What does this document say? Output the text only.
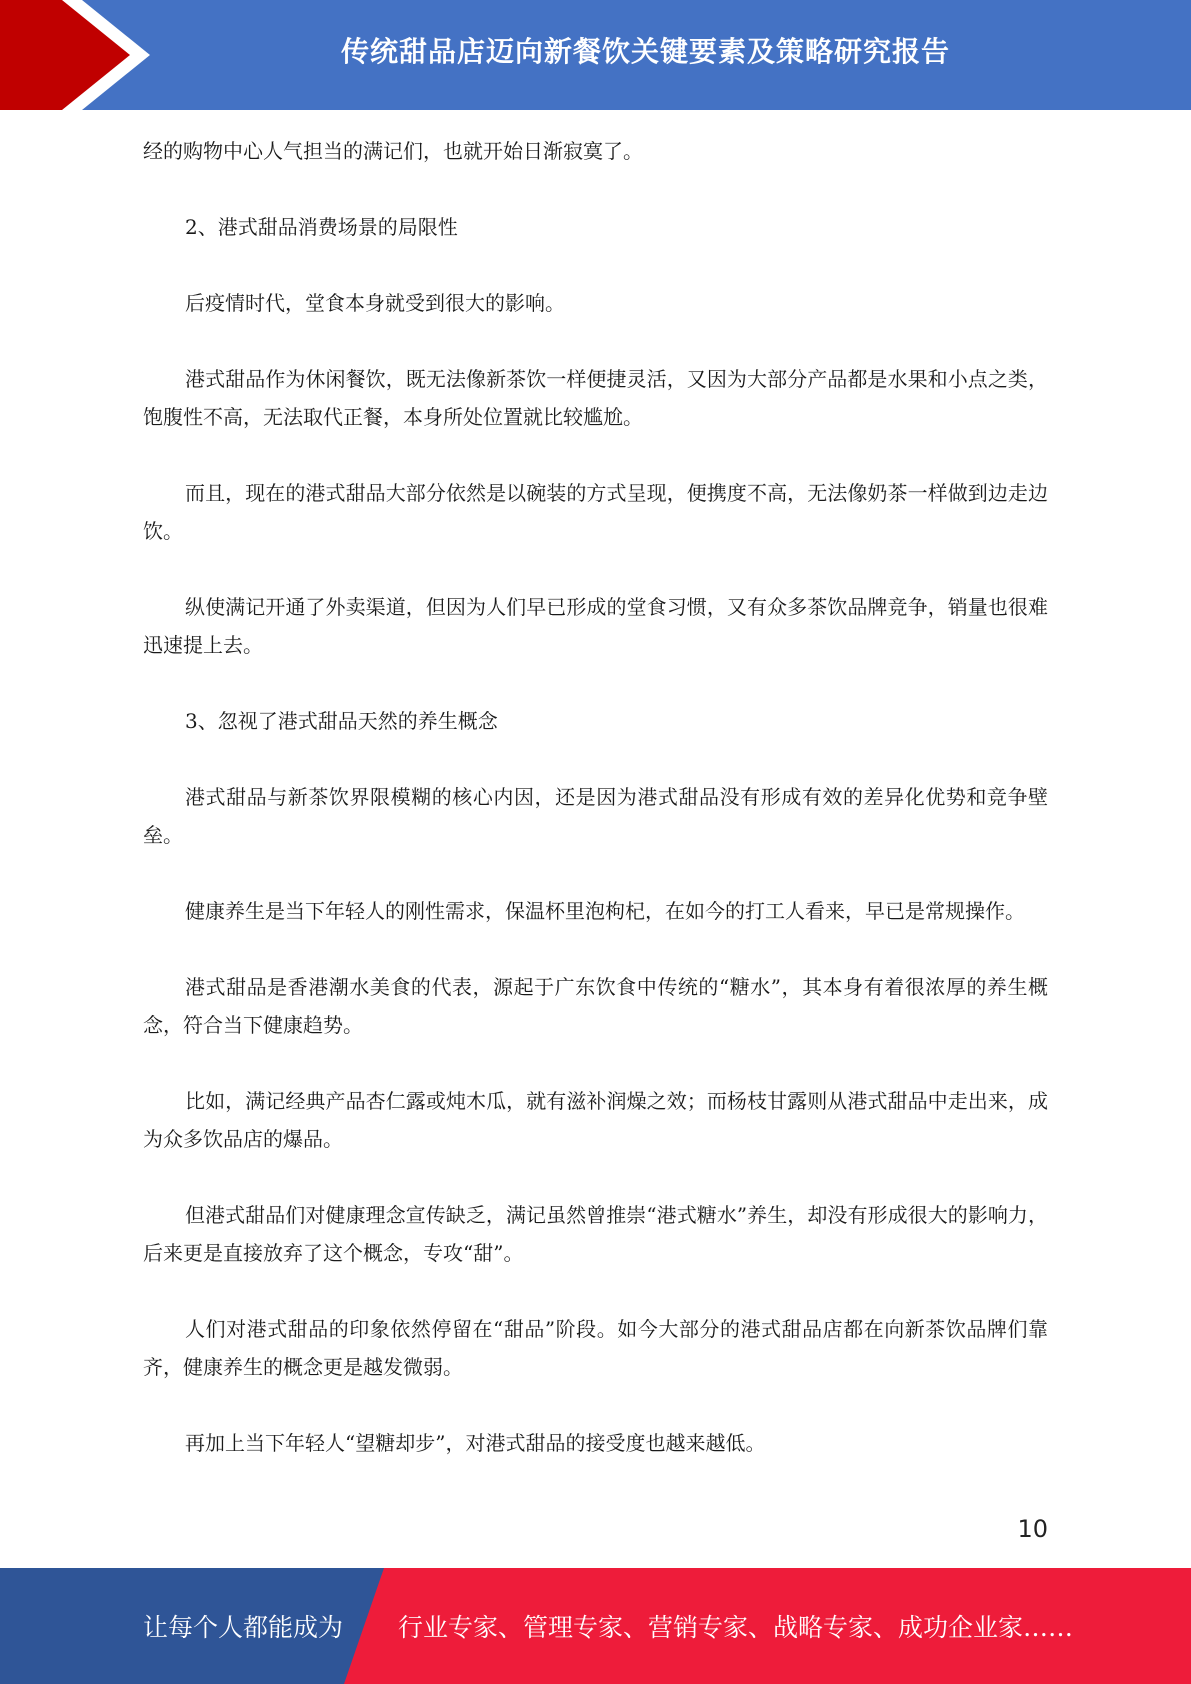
传统甜品店迈向新餐饮关键要素及策略研究报告

经的购物中心人气担当的满记们，也就开始日渐寂寞了。

2、港式甜品消费场景的局限性

后疫情时代，堂食本身就受到很大的影响。

港式甜品作为休闲餐饮，既无法像新茶饮一样便捷灵活，又因为大部分产品都是水果和小点之类，饱腹性不高，无法取代正餐，本身所处位置就比较尴尬。

而且，现在的港式甜品大部分依然是以碗装的方式呈现，便携度不高，无法像奶茶一样做到边走边饮。

纵使满记开通了外卖渠道，但因为人们早已形成的堂食习惯，又有众多茶饮品牌竞争，销量也很难迅速提上去。

3、忽视了港式甜品天然的养生概念

港式甜品与新茶饮界限模糊的核心内因，还是因为港式甜品没有形成有效的差异化优势和竞争壁垒。

健康养生是当下年轻人的刚性需求，保温杯里泡枸杞，在如今的打工人看来，早已是常规操作。

港式甜品是香港潮水美食的代表，源起于广东饮食中传统的“糖水”，其本身有着很浓厚的养生概念，符合当下健康趋势。

比如，满记经典产品杏仁露或炖木瓜，就有滋补润燥之效；而杨枝甘露则从港式甜品中走出来，成为众多饮品店的爆品。

但港式甜品们对健康理念宣传缺乏，满记虽然曾推崇“港式糖水”养生，却没有形成很大的影响力，后来更是直接放弃了这个概念，专攻“甜”。

人们对港式甜品的印象依然停留在“甜品”阶段。如今大部分的港式甜品店都在向新茶饮品牌们靠齐，健康养生的概念更是越发微弱。

再加上当下年轻人“望糖却步”，对港式甜品的接受度也越来越低。

10
让每个人都能成为 行业专家、管理专家、营销专家、战略专家、成功企业家……
